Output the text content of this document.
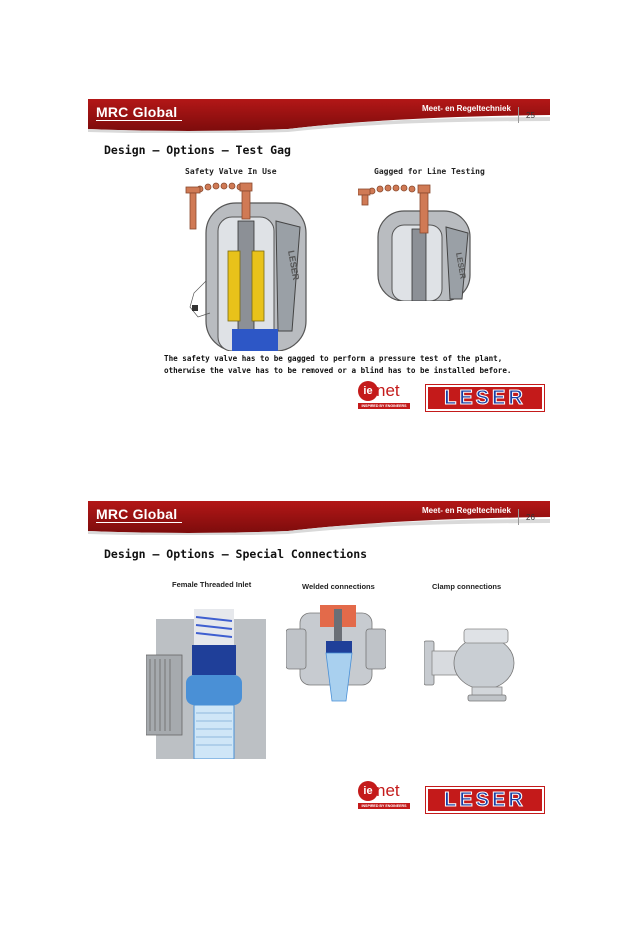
MRC Global	Meet- en Regeltechniek
25
Design – Options – Test Gag
Safety Valve In Use	Gagged for Line Testing
LESER	LESER
The safety valve has to be gagged to perform a pressure test of the plant,
otherwise the valve has to be removed or a blind has to be installed before.
ie net
INSPIRED BY ENGINEERS	LESER
MRC Global	Meet- en Regeltechniek
26
Design – Options – Special Connections
Female Threaded Inlet	Welded connections	Clamp connections
ie net
INSPIRED BY ENGINEERS	LESER
